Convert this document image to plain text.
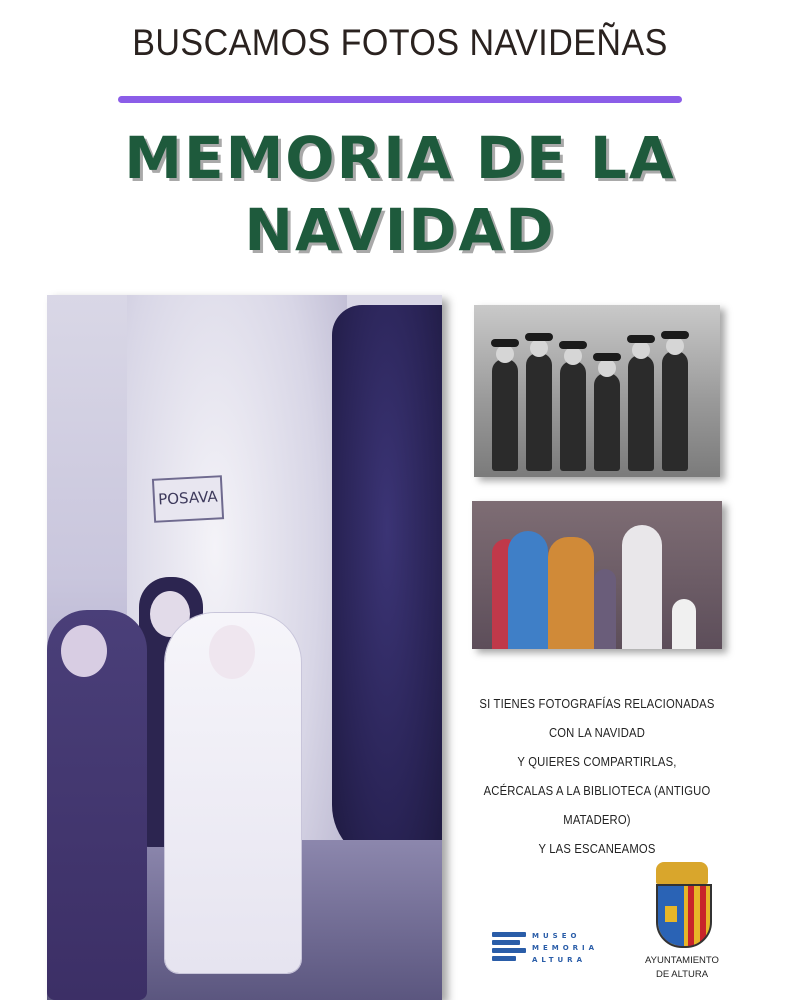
BUSCAMOS FOTOS NAVIDEÑAS
MEMORIA DE LA
NAVIDAD
POSAVA
SI TIENES FOTOGRAFÍAS RELACIONADAS
CON LA NAVIDAD
Y QUIERES COMPARTIRLAS,
ACÉRCALAS A LA BIBLIOTECA (ANTIGUO MATADERO)
Y LAS ESCANEAMOS
MUSEO
MEMORIA
ALTURA	AYUNTAMIENTO
DE ALTURA
